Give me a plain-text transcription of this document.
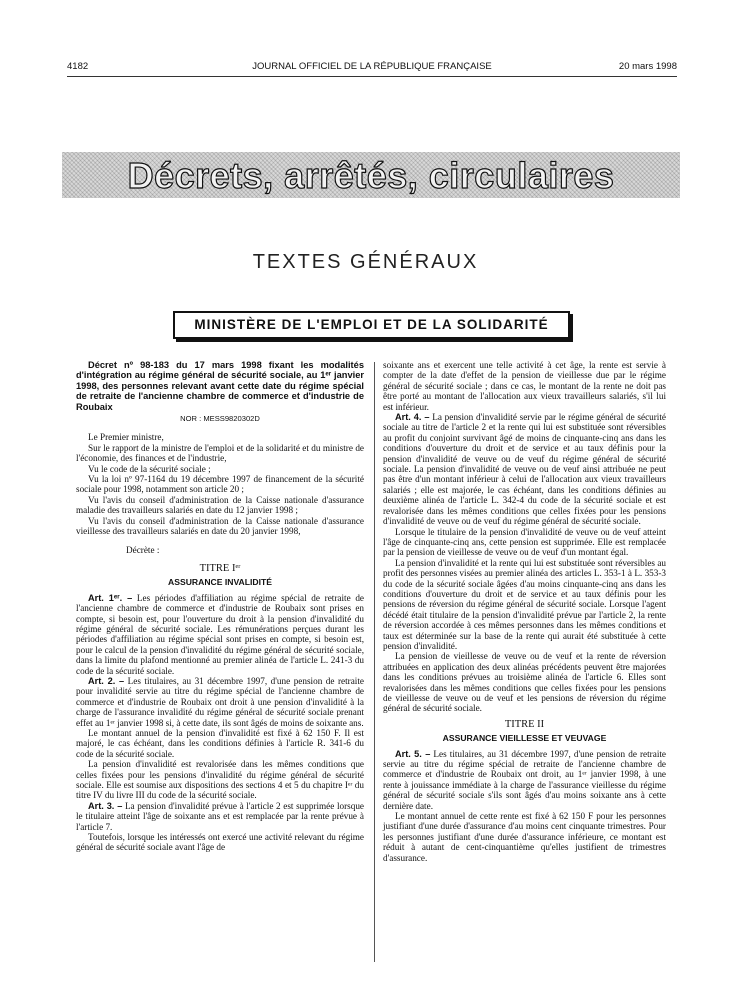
4182	JOURNAL OFFICIEL DE LA RÉPUBLIQUE FRANÇAISE	20 mars 1998
Décrets, arrêtés, circulaires
TEXTES GÉNÉRAUX
MINISTÈRE DE L'EMPLOI ET DE LA SOLIDARITÉ

Décret nº 98-183 du 17 mars 1998 fixant les modalités d'intégration au régime général de sécurité sociale, au 1ᵉʳ janvier 1998, des personnes relevant avant cette date du régime spécial de retraite de l'ancienne chambre de commerce et d'industrie de Roubaix

NOR : MESS9820302D

Le Premier ministre,

Sur le rapport de la ministre de l'emploi et de la solidarité et du ministre de l'économie, des finances et de l'industrie,

Vu le code de la sécurité sociale ;

Vu la loi nº 97-1164 du 19 décembre 1997 de financement de la sécurité sociale pour 1998, notamment son article 20 ;

Vu l'avis du conseil d'administration de la Caisse nationale d'assurance maladie des travailleurs salariés en date du 12 janvier 1998 ;

Vu l'avis du conseil d'administration de la Caisse nationale d'assurance vieillesse des travailleurs salariés en date du 20 janvier 1998,

Décrète :
TITRE Iᵉʳ
ASSURANCE INVALIDITÉ

Art. 1ᵉʳ. – Les périodes d'affiliation au régime spécial de retraite de l'ancienne chambre de commerce et d'industrie de Roubaix sont prises en compte, si besoin est, pour l'ouverture du droit à la pension d'invalidité du régime général de sécurité sociale. Les rémunérations perçues durant les périodes d'affiliation au régime spécial sont prises en compte, si besoin est, pour le calcul de la pension d'invalidité du régime général de sécurité sociale, dans la limite du plafond mentionné au premier alinéa de l'article L. 241-3 du code de la sécurité sociale.

Art. 2. – Les titulaires, au 31 décembre 1997, d'une pension de retraite pour invalidité servie au titre du régime spécial de l'ancienne chambre de commerce et d'industrie de Roubaix ont droit à une pension d'invalidité à la charge de l'assurance invalidité du régime général de sécurité sociale prenant effet au 1ᵉʳ janvier 1998 si, à cette date, ils sont âgés de moins de soixante ans.

Le montant annuel de la pension d'invalidité est fixé à 62 150 F. Il est majoré, le cas échéant, dans les conditions définies à l'article R. 341-6 du code de la sécurité sociale.

La pension d'invalidité est revalorisée dans les mêmes conditions que celles fixées pour les pensions d'invalidité du régime général de sécurité sociale. Elle est soumise aux dispositions des sections 4 et 5 du chapitre Iᵉʳ du titre IV du livre III du code de la sécurité sociale.

Art. 3. – La pension d'invalidité prévue à l'article 2 est supprimée lorsque le titulaire atteint l'âge de soixante ans et est remplacée par la rente prévue à l'article 7.

Toutefois, lorsque les intéressés ont exercé une activité relevant du régime général de sécurité sociale avant l'âge de

soixante ans et exercent une telle activité à cet âge, la rente est servie à compter de la date d'effet de la pension de vieillesse due par le régime général de sécurité sociale ; dans ce cas, le montant de la rente ne doit pas être porté au montant de l'allocation aux vieux travailleurs salariés, s'il lui est inférieur.

Art. 4. – La pension d'invalidité servie par le régime général de sécurité sociale au titre de l'article 2 et la rente qui lui est substituée sont réversibles au profit du conjoint survivant âgé de moins de cinquante-cinq ans dans les conditions d'ouverture du droit et de service et au taux définis pour la pension d'invalidité de veuve ou de veuf du régime général de sécurité sociale. La pension d'invalidité de veuve ou de veuf ainsi attribuée ne peut pas être d'un montant inférieur à celui de l'allocation aux vieux travailleurs salariés ; elle est majorée, le cas échéant, dans les conditions définies au deuxième alinéa de l'article L. 342-4 du code de la sécurité sociale et est revalorisée dans les mêmes conditions que celles fixées pour les pensions d'invalidité de veuve ou de veuf du régime général de sécurité sociale.

Lorsque le titulaire de la pension d'invalidité de veuve ou de veuf atteint l'âge de cinquante-cinq ans, cette pension est supprimée. Elle est remplacée par la pension de vieillesse de veuve ou de veuf d'un montant égal.

La pension d'invalidité et la rente qui lui est substituée sont réversibles au profit des personnes visées au premier alinéa des articles L. 353-1 à L. 353-3 du code de la sécurité sociale âgées d'au moins cinquante-cinq ans dans les conditions d'ouverture du droit et de service et au taux définis pour les pensions de réversion du régime général de sécurité sociale. Lorsque l'agent décédé était titulaire de la pension d'invalidité prévue par l'article 2, la rente de réversion accordée à ces mêmes personnes dans les mêmes conditions et taux est déterminée sur la base de la rente qui aurait été substituée à cette pension d'invalidité.

La pension de vieillesse de veuve ou de veuf et la rente de réversion attribuées en application des deux alinéas précédents peuvent être majorées dans les conditions prévues au troisième alinéa de l'article 6. Elles sont revalorisées dans les mêmes conditions que celles fixées pour les pensions de vieillesse de veuve ou de veuf et les pensions de réversion du régime général de sécurité sociale.

TITRE II
ASSURANCE VIEILLESSE ET VEUVAGE

Art. 5. – Les titulaires, au 31 décembre 1997, d'une pension de retraite servie au titre du régime spécial de retraite de l'ancienne chambre de commerce et d'industrie de Roubaix ont droit, au 1ᵉʳ janvier 1998, à une rente à jouissance immédiate à la charge de l'assurance vieillesse du régime général de sécurité sociale s'ils sont âgés d'au moins soixante ans à cette dernière date.

Le montant annuel de cette rente est fixé à 62 150 F pour les personnes justifiant d'une durée d'assurance d'au moins cent cinquante trimestres. Pour les personnes justifiant d'une durée d'assurance inférieure, ce montant est réduit à autant de cent-cinquantième qu'elles justifient de trimestres d'assurance.
